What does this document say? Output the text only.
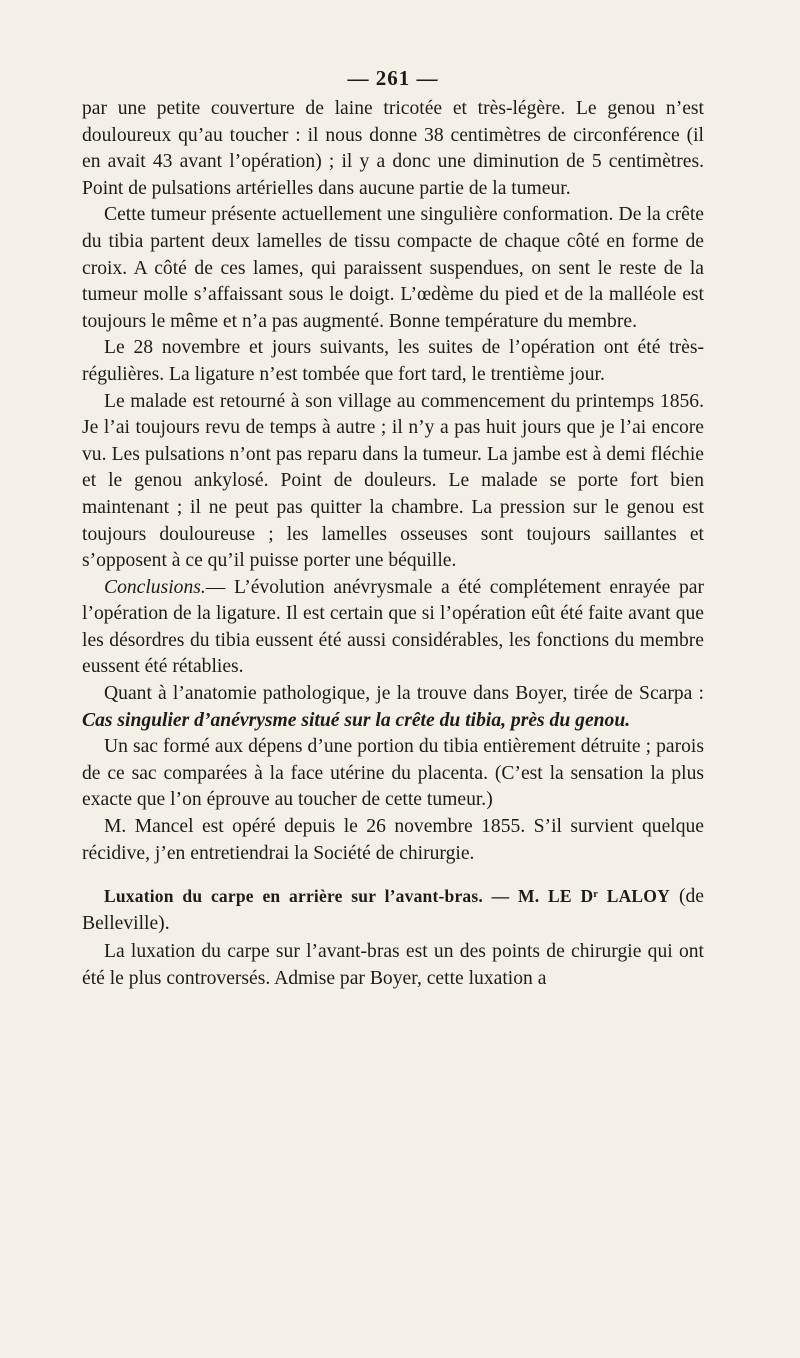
— 261 —

par une petite couverture de laine tricotée et très-légère. Le genou n’est douloureux qu’au toucher : il nous donne 38 centimètres de circonférence (il en avait 43 avant l’opération) ; il y a donc une diminution de 5 centimètres. Point de pulsations artérielles dans aucune partie de la tumeur.

Cette tumeur présente actuellement une singulière conformation. De la crête du tibia partent deux lamelles de tissu compacte de chaque côté en forme de croix. A côté de ces lames, qui paraissent suspendues, on sent le reste de la tumeur molle s’affaissant sous le doigt. L’œdème du pied et de la malléole est toujours le même et n’a pas augmenté. Bonne température du membre.

Le 28 novembre et jours suivants, les suites de l’opération ont été très-régulières. La ligature n’est tombée que fort tard, le trentième jour.

Le malade est retourné à son village au commencement du printemps 1856. Je l’ai toujours revu de temps à autre ; il n’y a pas huit jours que je l’ai encore vu. Les pulsations n’ont pas reparu dans la tumeur. La jambe est à demi fléchie et le genou ankylosé. Point de douleurs. Le malade se porte fort bien maintenant ; il ne peut pas quitter la chambre. La pression sur le genou est toujours douloureuse ; les lamelles osseuses sont toujours saillantes et s’opposent à ce qu’il puisse porter une béquille.

Conclusions.— L’évolution anévrysmale a été complétement enrayée par l’opération de la ligature. Il est certain que si l’opération eût été faite avant que les désordres du tibia eussent été aussi considérables, les fonctions du membre eussent été rétablies.

Quant à l’anatomie pathologique, je la trouve dans Boyer, tirée de Scarpa : Cas singulier d’anévrysme situé sur la crête du tibia, près du genou.

Un sac formé aux dépens d’une portion du tibia entièrement détruite ; parois de ce sac comparées à la face utérine du placenta. (C’est la sensation la plus exacte que l’on éprouve au toucher de cette tumeur.)

M. Mancel est opéré depuis le 26 novembre 1855. S’il survient quelque récidive, j’en entretiendrai la Société de chirurgie.

Luxation du carpe en arrière sur l’avant-bras. — M. LE Dʳ LALOY (de Belleville).

La luxation du carpe sur l’avant-bras est un des points de chirurgie qui ont été le plus controversés. Admise par Boyer, cette luxation a
